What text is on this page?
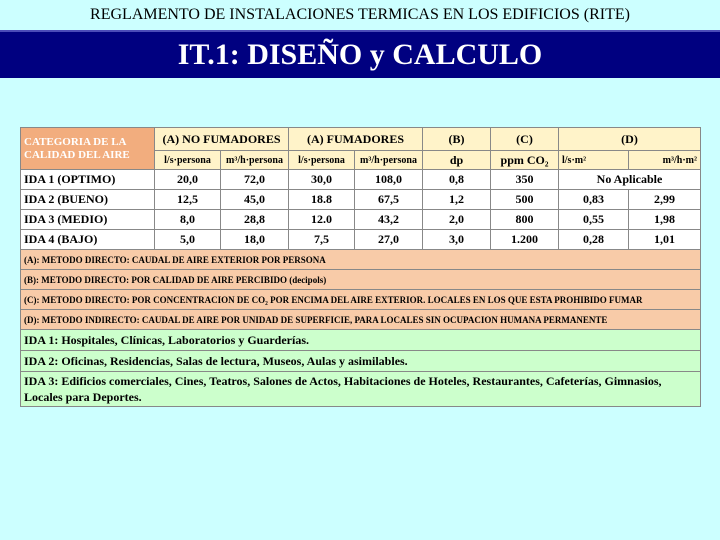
REGLAMENTO DE INSTALACIONES TERMICAS EN LOS EDIFICIOS (RITE)
IT.1: DISEÑO y CALCULO
CATEGORIA DE LA CALIDAD DEL AIRE	(A) NO FUMADORES		(A) FUMADORES		(B)	(C)	(D)	
	l/s·persona	m³/h·persona	l/s·persona	m³/h·persona	dp	ppm CO₂	l/s·m²	m³/h·m²
IDA 1 (OPTIMO)	20,0	72,0	30,0	108,0	0,8	350	No Aplicable	
IDA 2 (BUENO)	12,5	45,0	18.8	67,5	1,2	500	0,83	2,99
IDA 3 (MEDIO)	8,0	28,8	12.0	43,2	2,0	800	0,55	1,98
IDA 4 (BAJO)	5,0	18,0	7,5	27,0	3,0	1.200	0,28	1,01
(A): METODO DIRECTO: CAUDAL DE AIRE EXTERIOR POR PERSONA								
(B): METODO DIRECTO: POR CALIDAD DE AIRE PERCIBIDO (decipols)								
(C): METODO DIRECTO: POR CONCENTRACION DE CO₂ POR ENCIMA DEL AIRE EXTERIOR. LOCALES EN LOS QUE ESTA PROHIBIDO FUMAR								
(D): METODO INDIRECTO: CAUDAL DE AIRE POR UNIDAD DE SUPERFICIE, PARA LOCALES SIN OCUPACION HUMANA PERMANENTE								
IDA 1: Hospitales, Clínicas, Laboratorios y Guarderías.								
IDA 2: Oficinas, Residencias, Salas de lectura, Museos, Aulas y asimilables.								
IDA 3: Edificios comerciales, Cines, Teatros, Salones de Actos, Habitaciones de Hoteles, Restaurantes, Cafeterías, Gimnasios, Locales para Deportes.								
